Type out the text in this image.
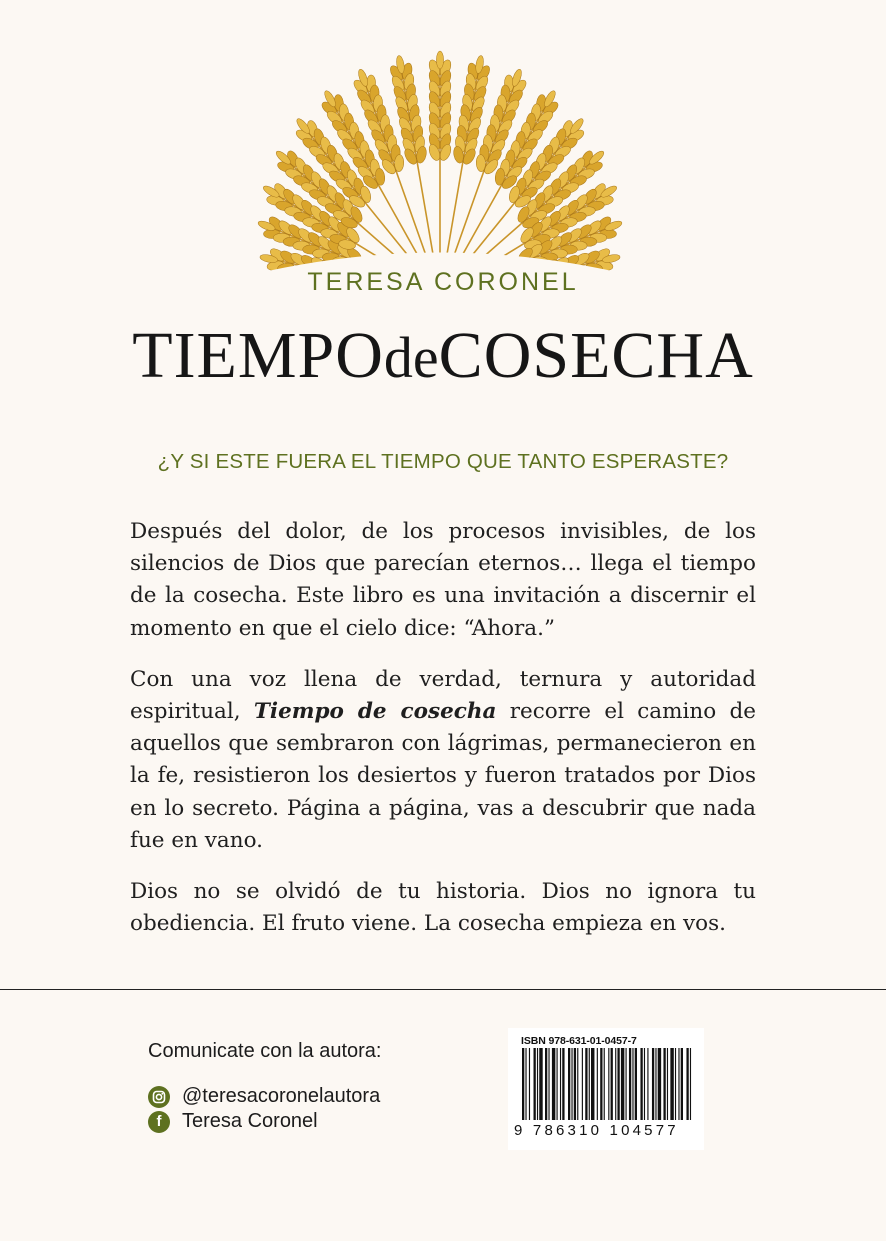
TERESA CORONEL
TIEMPOdeCOSECHA
¿Y SI ESTE FUERA EL TIEMPO QUE TANTO ESPERASTE?

Después del dolor, de los procesos invisibles, de los silencios de Dios que parecían eternos… llega el tiempo de la cosecha. Este libro es una invitación a discernir el momento en que el cielo dice: “Ahora.”

Con una voz llena de verdad, ternura y autoridad espiritual, Tiempo de cosecha recorre el camino de aquellos que sembraron con lágrimas, permanecieron en la fe, resistieron los desiertos y fueron tratados por Dios en lo secreto. Página a página, vas a descubrir que nada fue en vano.

Dios no se olvidó de tu historia. Dios no ignora tu obediencia. El fruto viene. La cosecha empieza en vos.

Comunicate con la autora:
@teresacoronelautora
f Teresa Coronel
ISBN 978-631-01-0457-7
9 786310 104577
